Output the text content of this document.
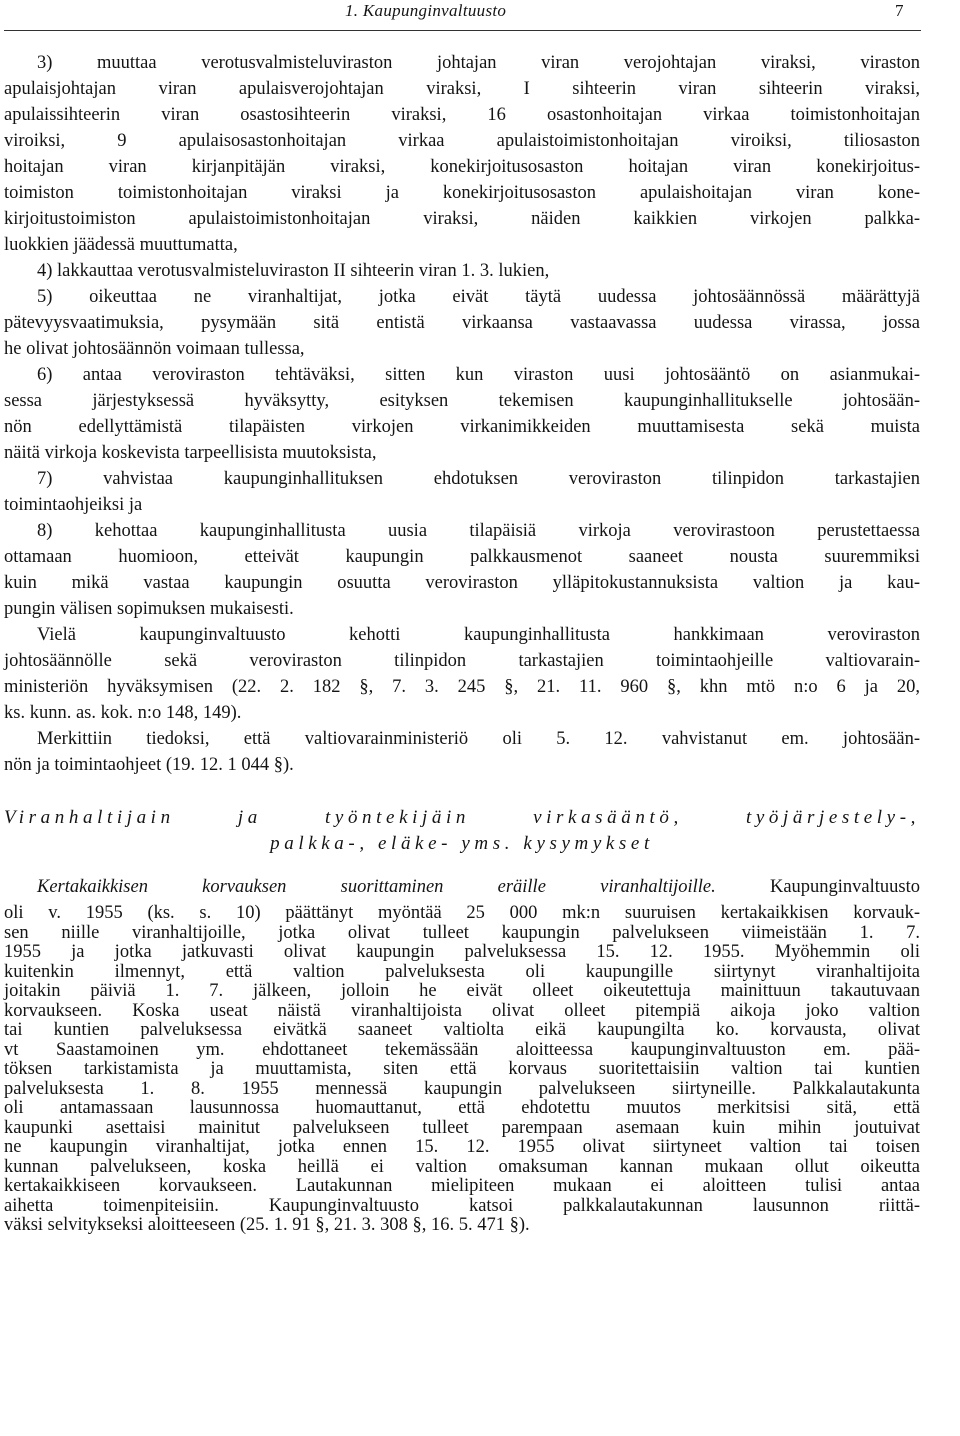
1. Kaupunginvaltuusto	7
3) muuttaa verotusvalmisteluviraston johtajan viran verojohtajan viraksi, viraston
apulaisjohtajan viran apulaisverojohtajan viraksi, I sihteerin viran sihteerin viraksi,
apulaissihteerin viran osastosihteerin viraksi, 16 osastonhoitajan virkaa toimistonhoitajan
viroiksi, 9 apulaisosastonhoitajan virkaa apulaistoimistonhoitajan viroiksi, tiliosaston
hoitajan viran kirjanpitäjän viraksi, konekirjoitusosaston hoitajan viran konekirjoitus-
toimiston toimistonhoitajan viraksi ja konekirjoitusosaston apulaishoitajan viran kone-
kirjoitustoimiston apulaistoimistonhoitajan viraksi, näiden kaikkien virkojen palkka-
luokkien jäädessä muuttumatta,
4) lakkauttaa verotusvalmisteluviraston II sihteerin viran 1. 3. lukien,
5) oikeuttaa ne viranhaltijat, jotka eivät täytä uudessa johtosäännössä määrättyjä
pätevyysvaatimuksia, pysymään sitä entistä virkaansa vastaavassa uudessa virassa, jossa
he olivat johtosäännön voimaan tullessa,
6) antaa veroviraston tehtäväksi, sitten kun viraston uusi johtosääntö on asianmukai-
sessa järjestyksessä hyväksytty, esityksen tekemisen kaupunginhallitukselle johtosään-
nön edellyttämistä tilapäisten virkojen virkanimikkeiden muuttamisesta sekä muista
näitä virkoja koskevista tarpeellisista muutoksista,
7) vahvistaa kaupunginhallituksen ehdotuksen veroviraston tilinpidon tarkastajien
toimintaohjeiksi ja
8) kehottaa kaupunginhallitusta uusia tilapäisiä virkoja verovirastoon perustettaessa
ottamaan huomioon, etteivät kaupungin palkkausmenot saaneet nousta suuremmiksi
kuin mikä vastaa kaupungin osuutta veroviraston ylläpitokustannuksista valtion ja kau-
pungin välisen sopimuksen mukaisesti.
Vielä kaupunginvaltuusto kehotti kaupunginhallitusta hankkimaan veroviraston
johtosäännölle sekä veroviraston tilinpidon tarkastajien toimintaohjeille valtiovarain-
ministeriön hyväksymisen (22. 2. 182 §, 7. 3. 245 §, 21. 11. 960 §, khn mtö n:o 6 ja 20,
ks. kunn. as. kok. n:o 148, 149).
Merkittiin tiedoksi, että valtiovarainministeriö oli 5. 12. vahvistanut em. johtosään-
nön ja toimintaohjeet (19. 12. 1 044 §).
Viranhaltijain ja työntekijäin virkasääntö, työjärjestely-,
palkka-, eläke- yms. kysymykset
Kertakaikkisen korvauksen suorittaminen eräille viranhaltijoille.	Kaupunginvaltuusto
oli v. 1955 (ks. s. 10) päättänyt myöntää 25 000 mk:n suuruisen kertakaikkisen korvauk-
sen niille viranhaltijoille, jotka olivat tulleet kaupungin palvelukseen viimeistään 1. 7.
1955 ja jotka jatkuvasti olivat kaupungin palveluksessa 15. 12. 1955. Myöhemmin oli
kuitenkin ilmennyt, että valtion palveluksesta oli kaupungille siirtynyt viranhaltijoita
joitakin päiviä 1. 7. jälkeen, jolloin he eivät olleet oikeutettuja mainittuun takautuvaan
korvaukseen. Koska useat näistä viranhaltijoista olivat olleet pitempiä aikoja joko valtion
tai kuntien palveluksessa eivätkä saaneet valtiolta eikä kaupungilta ko. korvausta, olivat
vt Saastamoinen ym. ehdottaneet tekemässään aloitteessa kaupunginvaltuuston em. pää-
töksen tarkistamista ja muuttamista, siten että korvaus suoritettaisiin valtion tai kuntien
palveluksesta 1. 8. 1955 mennessä kaupungin palvelukseen siirtyneille. Palkkalautakunta
oli antamassaan lausunnossa huomauttanut, että ehdotettu muutos merkitsisi sitä, että
kaupunki asettaisi mainitut palvelukseen tulleet parempaan asemaan kuin mihin joutuivat
ne kaupungin viranhaltijat, jotka ennen 15. 12. 1955 olivat siirtyneet valtion tai toisen
kunnan palvelukseen, koska heillä ei valtion omaksuman kannan mukaan ollut oikeutta
kertakaikkiseen korvaukseen. Lautakunnan mielipiteen mukaan ei aloitteen tulisi antaa
aihetta toimenpiteisiin. Kaupunginvaltuusto katsoi palkkalautakunnan lausunnon riittä-
väksi selvitykseksi aloitteeseen (25. 1. 91 §, 21. 3. 308 §, 16. 5. 471 §).
